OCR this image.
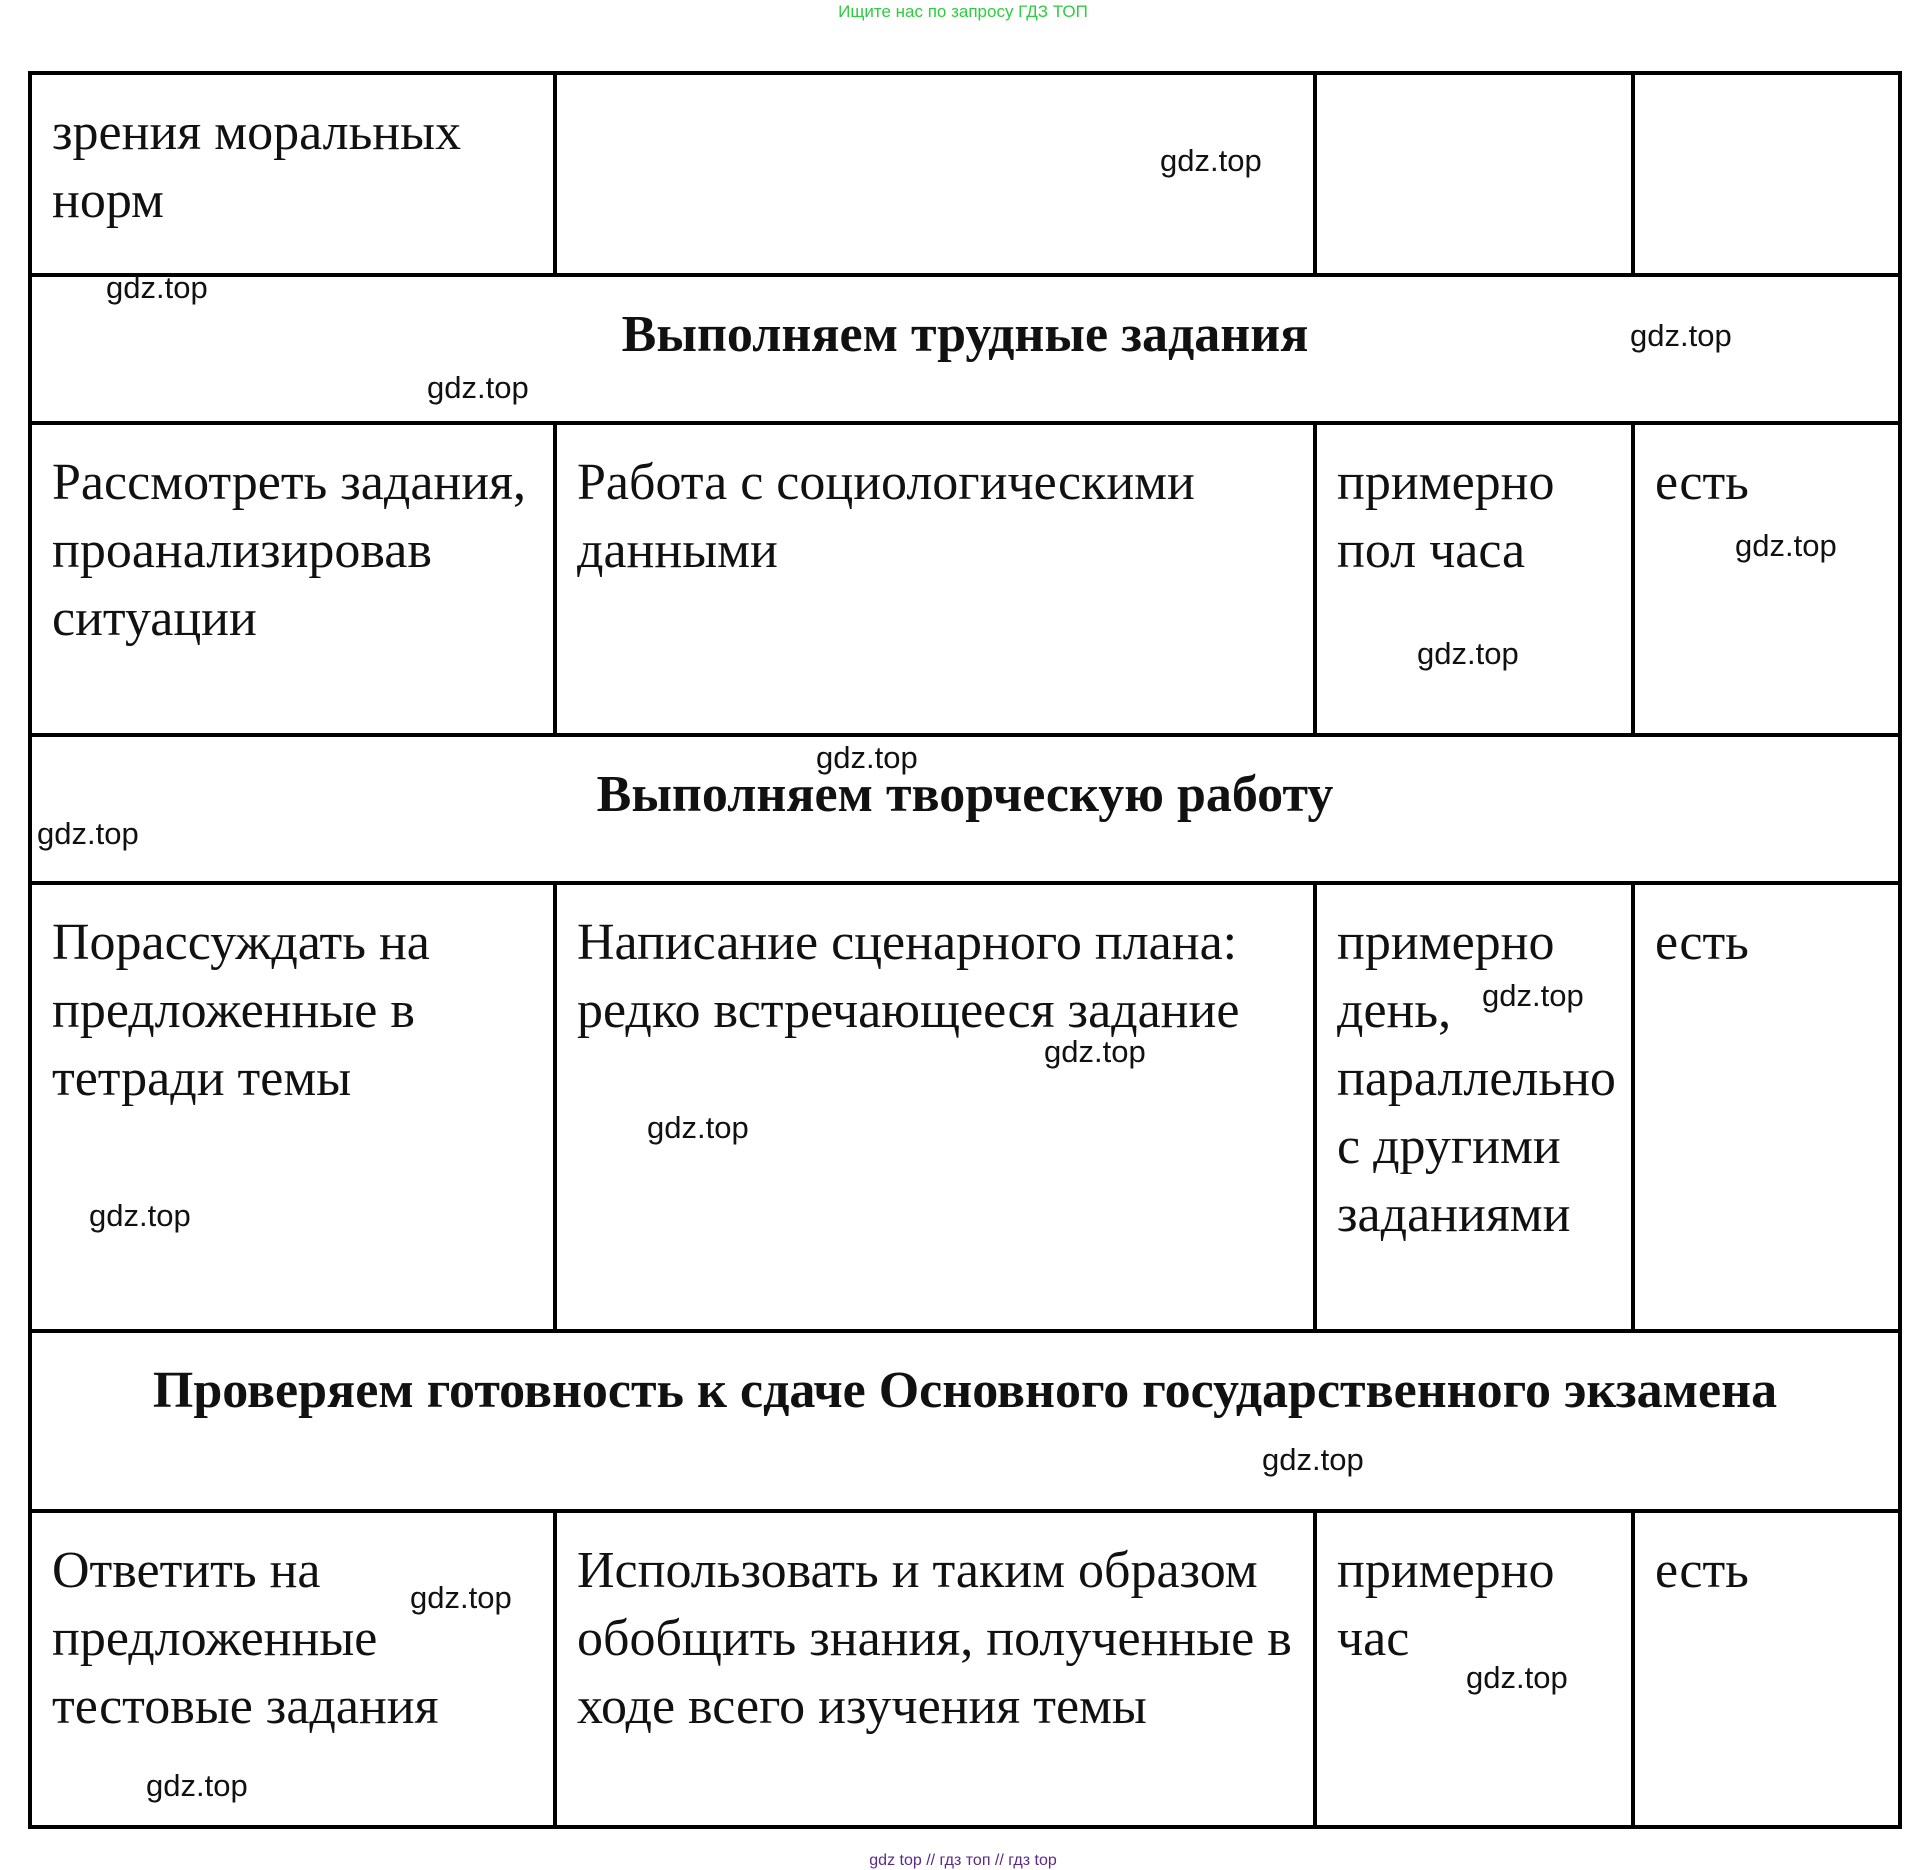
Ищите нас по запросу ГДЗ ТОП
зрения моральных норм			
Выполняем трудные задания			
Рассмотреть задания, проанализировав ситуации	Работа с социологическими данными	примерно пол часа	есть
Выполняем творческую работу			
Порассуждать на предложенные в тетради темы	Написание сценарного плана: редко встречающееся задание	примерно день, параллельно с другими заданиями	есть
Проверяем готовность к сдаче Основного государственного экзамена			
Ответить на предложенные тестовые задания	Использовать и таким образом обобщить знания, полученные в ходе всего изучения темы	примерно час	есть
gdz.top
gdz.top
gdz.top
gdz.top
gdz.top
gdz.top
gdz.top
gdz.top
gdz.top
gdz.top
gdz.top
gdz.top
gdz.top
gdz.top
gdz.top
gdz.top
gdz top // гдз топ // гдз top
